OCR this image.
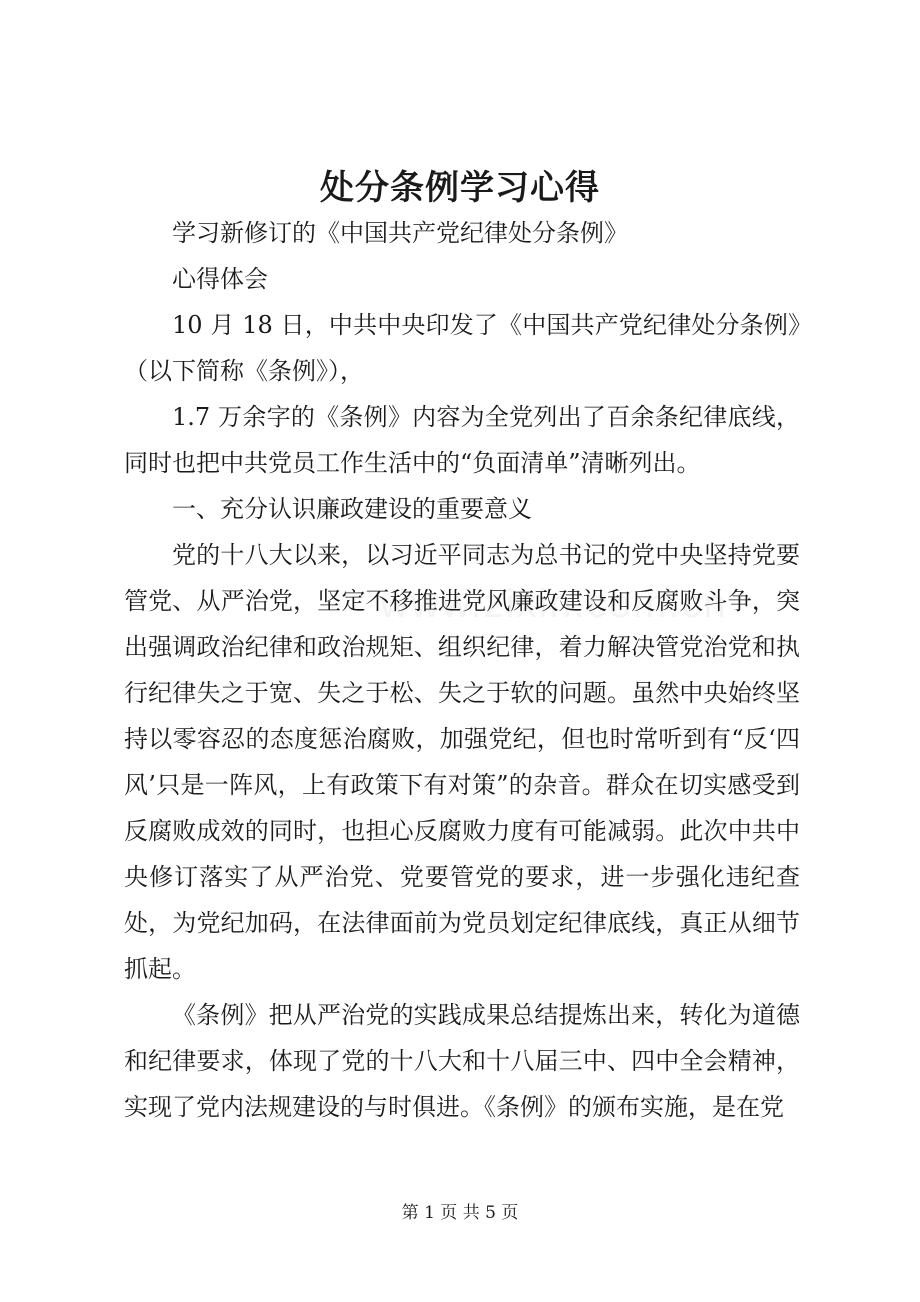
处分条例学习心得

学习新修订的《中国共产党纪律处分条例》

心得体会

10 月 18 日，中共中央印发了《中国共产党纪律处分条例》（以下简称《条例》），

1.7 万余字的《条例》内容为全党列出了百余条纪律底线，同时也把中共党员工作生活中的“负面清单”清晰列出。

一、充分认识廉政建设的重要意义

党的十八大以来，以习近平同志为总书记的党中央坚持党要管党、从严治党，坚定不移推进党风廉政建设和反腐败斗争，突出强调政治纪律和政治规矩、组织纪律，着力解决管党治党和执行纪律失之于宽、失之于松、失之于软的问题。虽然中央始终坚持以零容忍的态度惩治腐败，加强党纪，但也时常听到有“反‘四风’只是一阵风，上有政策下有对策”的杂音。群众在切实感受到反腐败成效的同时，也担心反腐败力度有可能减弱。此次中共中央修订落实了从严治党、党要管党的要求，进一步强化违纪查处，为党纪加码，在法律面前为党员划定纪律底线，真正从细节抓起。

《条例》把从严治党的实践成果总结提炼出来，转化为道德和纪律要求，体现了党的十八大和十八届三中、四中全会精神，实现了党内法规建设的与时俱进。《条例》的颁布实施，是在党

第 1 页 共 5 页
